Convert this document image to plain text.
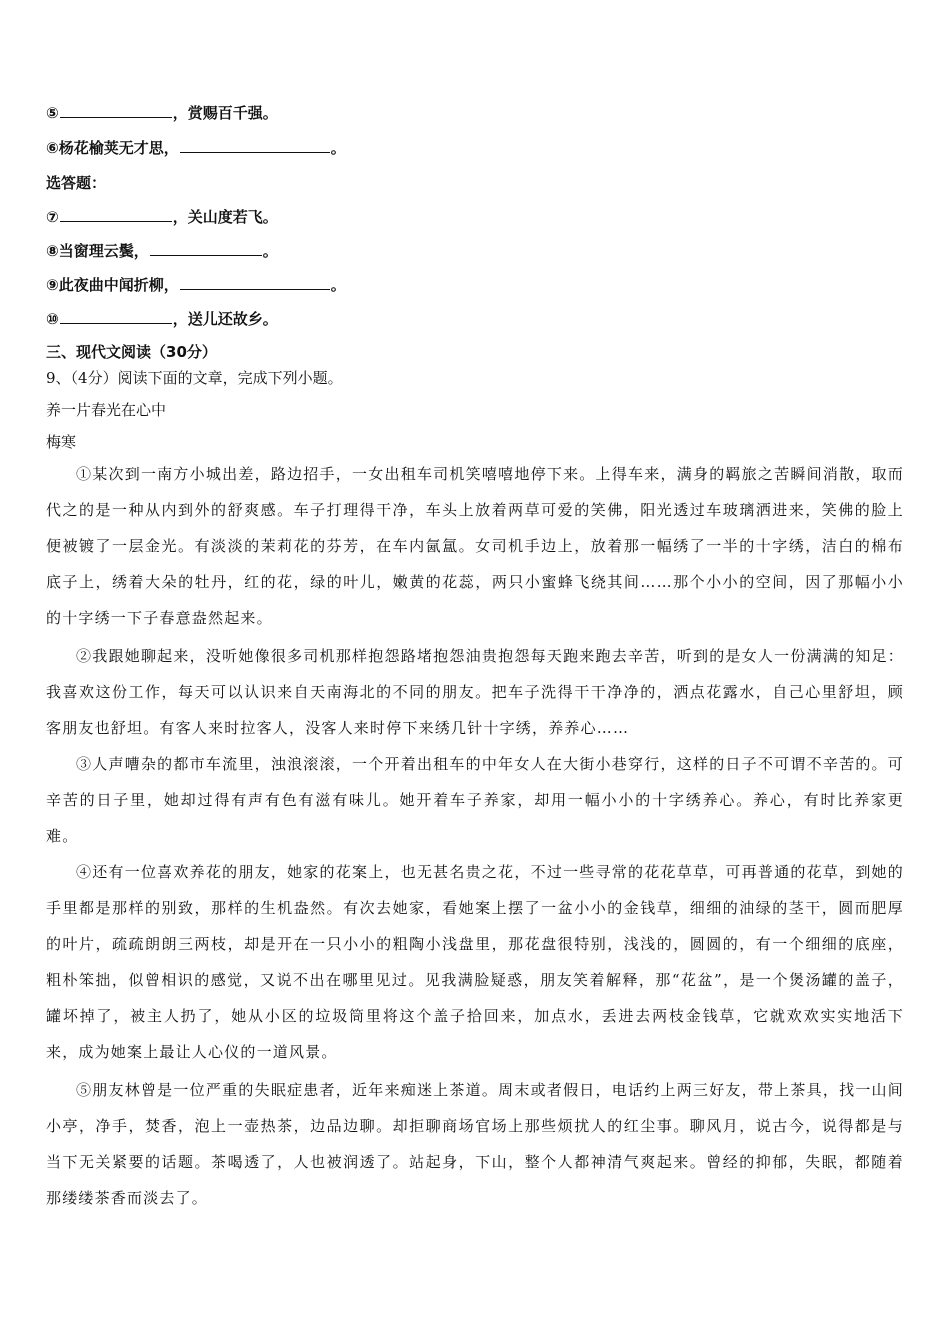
⑤	，赏赐百千强。
⑥杨花榆荚无才思，	。
选答题：
⑦	，关山度若飞。
⑧当窗理云鬓，	。
⑨此夜曲中闻折柳，	。
⑩	，送儿还故乡。
三、现代文阅读（30分）
9、（4分）阅读下面的文章，完成下列小题。
养一片春光在心中
梅寒
①某次到一南方小城出差，路边招手，一女出租车司机笑嘻嘻地停下来。上得车来，满身的羁旅之苦瞬间消散，取而代之的是一种从内到外的舒爽感。车子打理得干净，车头上放着两草可爱的笑佛，阳光透过车玻璃洒进来，笑佛的脸上便被镀了一层金光。有淡淡的茉莉花的芬芳，在车内氤氲。女司机手边上，放着那一幅绣了一半的十字绣，洁白的棉布底子上，绣着大朵的牡丹，红的花，绿的叶儿，嫩黄的花蕊，两只小蜜蜂飞绕其间……那个小小的空间，因了那幅小小的十字绣一下子春意盎然起来。
②我跟她聊起来，没听她像很多司机那样抱怨路堵抱怨油贵抱怨每天跑来跑去辛苦，听到的是女人一份满满的知足：我喜欢这份工作，每天可以认识来自天南海北的不同的朋友。把车子洗得干干净净的，洒点花露水，自己心里舒坦，顾客朋友也舒坦。有客人来时拉客人，没客人来时停下来绣几针十字绣，养养心……
③人声嘈杂的都市车流里，浊浪滚滚，一个开着出租车的中年女人在大街小巷穿行，这样的日子不可谓不辛苦的。可辛苦的日子里，她却过得有声有色有滋有味儿。她开着车子养家，却用一幅小小的十字绣养心。养心，有时比养家更难。
④还有一位喜欢养花的朋友，她家的花案上，也无甚名贵之花，不过一些寻常的花花草草，可再普通的花草，到她的手里都是那样的别致，那样的生机盎然。有次去她家，看她案上摆了一盆小小的金钱草，细细的油绿的茎干，圆而肥厚的叶片，疏疏朗朗三两枝，却是开在一只小小的粗陶小浅盘里，那花盘很特别，浅浅的，圆圆的，有一个细细的底座，粗朴笨拙，似曾相识的感觉，又说不出在哪里见过。见我满脸疑惑，朋友笑着解释，那“花盆”，是一个煲汤罐的盖子，罐坏掉了，被主人扔了，她从小区的垃圾筒里将这个盖子拾回来，加点水，丢进去两枝金钱草，它就欢欢实实地活下来，成为她案上最让人心仪的一道风景。
⑤朋友林曾是一位严重的失眠症患者，近年来痴迷上茶道。周末或者假日，电话约上两三好友，带上茶具，找一山间小亭，净手，焚香，泡上一壶热茶，边品边聊。却拒聊商场官场上那些烦扰人的红尘事。聊风月，说古今，说得都是与当下无关紧要的话题。茶喝透了，人也被润透了。站起身，下山，整个人都神清气爽起来。曾经的抑郁，失眠，都随着那缕缕茶香而淡去了。
